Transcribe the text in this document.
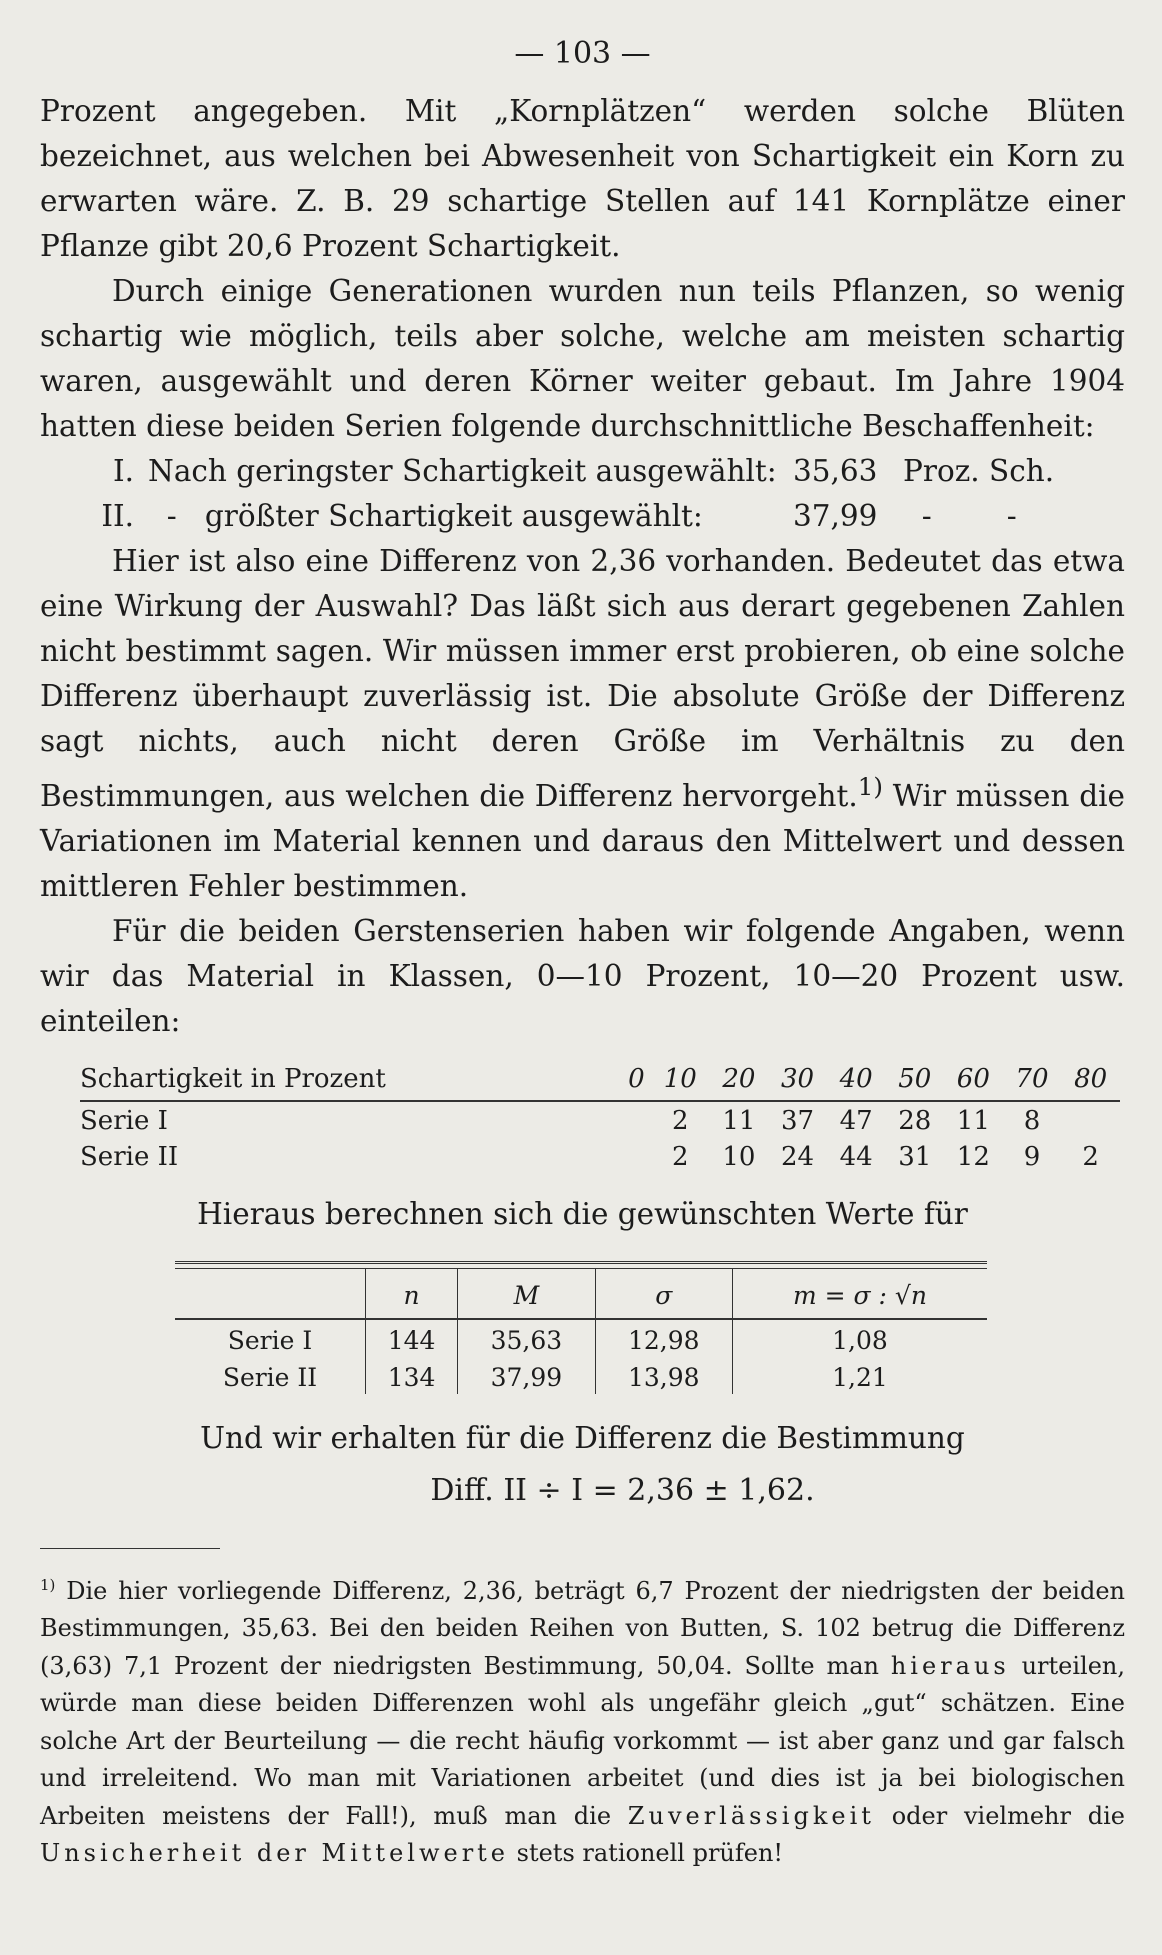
— 103 —

Prozent angegeben. Mit „Kornplätzen“ werden solche Blüten bezeichnet, aus welchen bei Abwesenheit von Schartigkeit ein Korn zu erwarten wäre. Z. B. 29 schartige Stellen auf 141 Kornplätze einer Pflanze gibt 20,6 Prozent Schartigkeit.

Durch einige Generationen wurden nun teils Pflanzen, so wenig schartig wie möglich, teils aber solche, welche am meisten schartig waren, ausgewählt und deren Körner weiter gebaut. Im Jahre 1904 hatten diese beiden Serien folgende durchschnittliche Beschaffenheit:

I. Nach geringster Schartigkeit ausgewählt: 35,63 Proz. Sch.
II. -   größter Schartigkeit ausgewählt:	37,99 -        -

Hier ist also eine Differenz von 2,36 vorhanden. Bedeutet das etwa eine Wirkung der Auswahl? Das läßt sich aus derart gegebenen Zahlen nicht bestimmt sagen. Wir müssen immer erst probieren, ob eine solche Differenz überhaupt zuverlässig ist. Die absolute Größe der Differenz sagt nichts, auch nicht deren Größe im Verhältnis zu den Bestimmungen, aus welchen die Differenz hervorgeht.$^{1)}$ Wir müssen die Variationen im Material kennen und daraus den Mittelwert und dessen mittleren Fehler bestimmen.

Für die beiden Gerstenserien haben wir folgende Angaben, wenn wir das Material in Klassen, 0—10 Prozent, 10—20 Prozent usw. einteilen:

Schartigkeit in Prozent	0	10	20	30	40	50	60	70	80
Serie I		2	11	37	47	28	11	8	
Serie II		2	10	24	44	31	12	9	2

Hieraus berechnen sich die gewünschten Werte für

	n	M	σ	m = σ : √n
Serie I	144	35,63	12,98	1,08
Serie II	134	37,99	13,98	1,21

Und wir erhalten für die Differenz die Bestimmung

Diff. II ÷ I = 2,36 ± 1,62.

$^{1)}$ Die hier vorliegende Differenz, 2,36, beträgt 6,7 Prozent der niedrigsten der beiden Bestimmungen, 35,63. Bei den beiden Reihen von Butten, S. 102 betrug die Differenz (3,63) 7,1 Prozent der niedrigsten Bestimmung, 50,04. Sollte man hieraus urteilen, würde man diese beiden Differenzen wohl als ungefähr gleich „gut“ schätzen. Eine solche Art der Beurteilung — die recht häufig vorkommt — ist aber ganz und gar falsch und irreleitend. Wo man mit Variationen arbeitet (und dies ist ja bei biologischen Arbeiten meistens der Fall!), muß man die Zuverlässigkeit oder vielmehr die Unsicherheit der Mittelwerte stets rationell prüfen!
